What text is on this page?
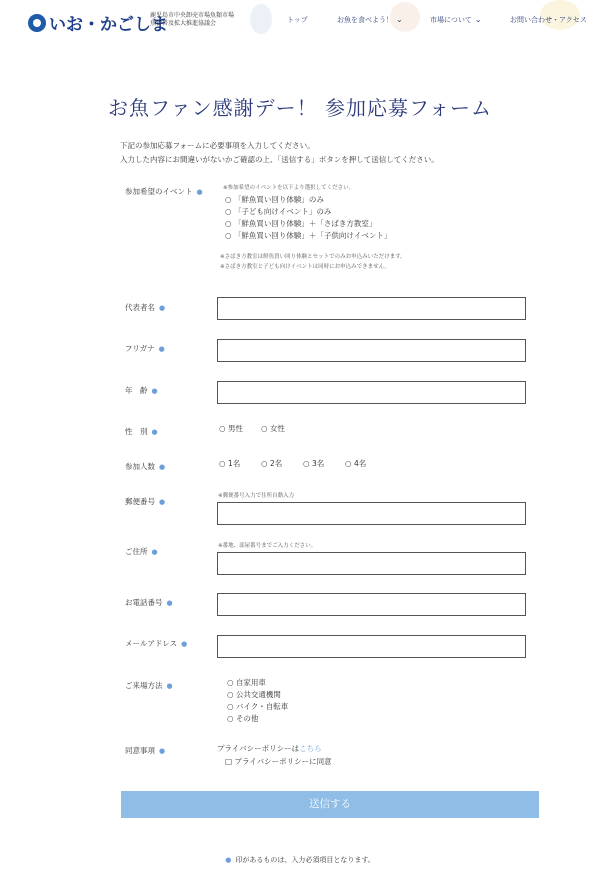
いお・かごしま
鹿児島市中央卸売市場魚類市場 魚食普及拡大推進協議会	トップ	お魚を食べよう！ ⌄	市場について ⌄	お問い合わせ・アクセス
お魚ファン感謝デー！ 参加応募フォーム
下記の参加応募フォームに必要事項を入力してください。
入力した内容にお間違いがないかご確認の上、「送信する」ボタンを押して送信してください。
参加希望のイベント ●	※参加希望のイベントを以下より選択してください。
○ 「鮮魚買い回り体験」のみ
○ 「子ども向けイベント」のみ
○ 「鮮魚買い回り体験」＋「さばき方教室」
○ 「鮮魚買い回り体験」＋「子供向けイベント」
※さばき方教室は鮮魚買い回り体験とセットでのみお申込みいただけます。
※さばき方教室と子ども向けイベントは同時にお申込みできません。
代表者名 ●
フリガナ ●
年　齢 ●
性　別 ●	○ 男性 ○ 女性
参加人数 ●	○ 1名	○ 2名	○ 3名	○ 4名
郵便番号 ●
※郵便番号入力で住所自動入力
ご住所 ●
※番地、部屋番号までご入力ください。
お電話番号 ●
メールアドレス ●
ご来場方法 ●	○ 自家用車
○ 公共交通機関
○ バイク・自転車
○ その他
同意事項 ●	プライバシーポリシーはこちら
□ プライバシーポリシーに同意
送信する
● 印があるものは、入力必須項目となります。
